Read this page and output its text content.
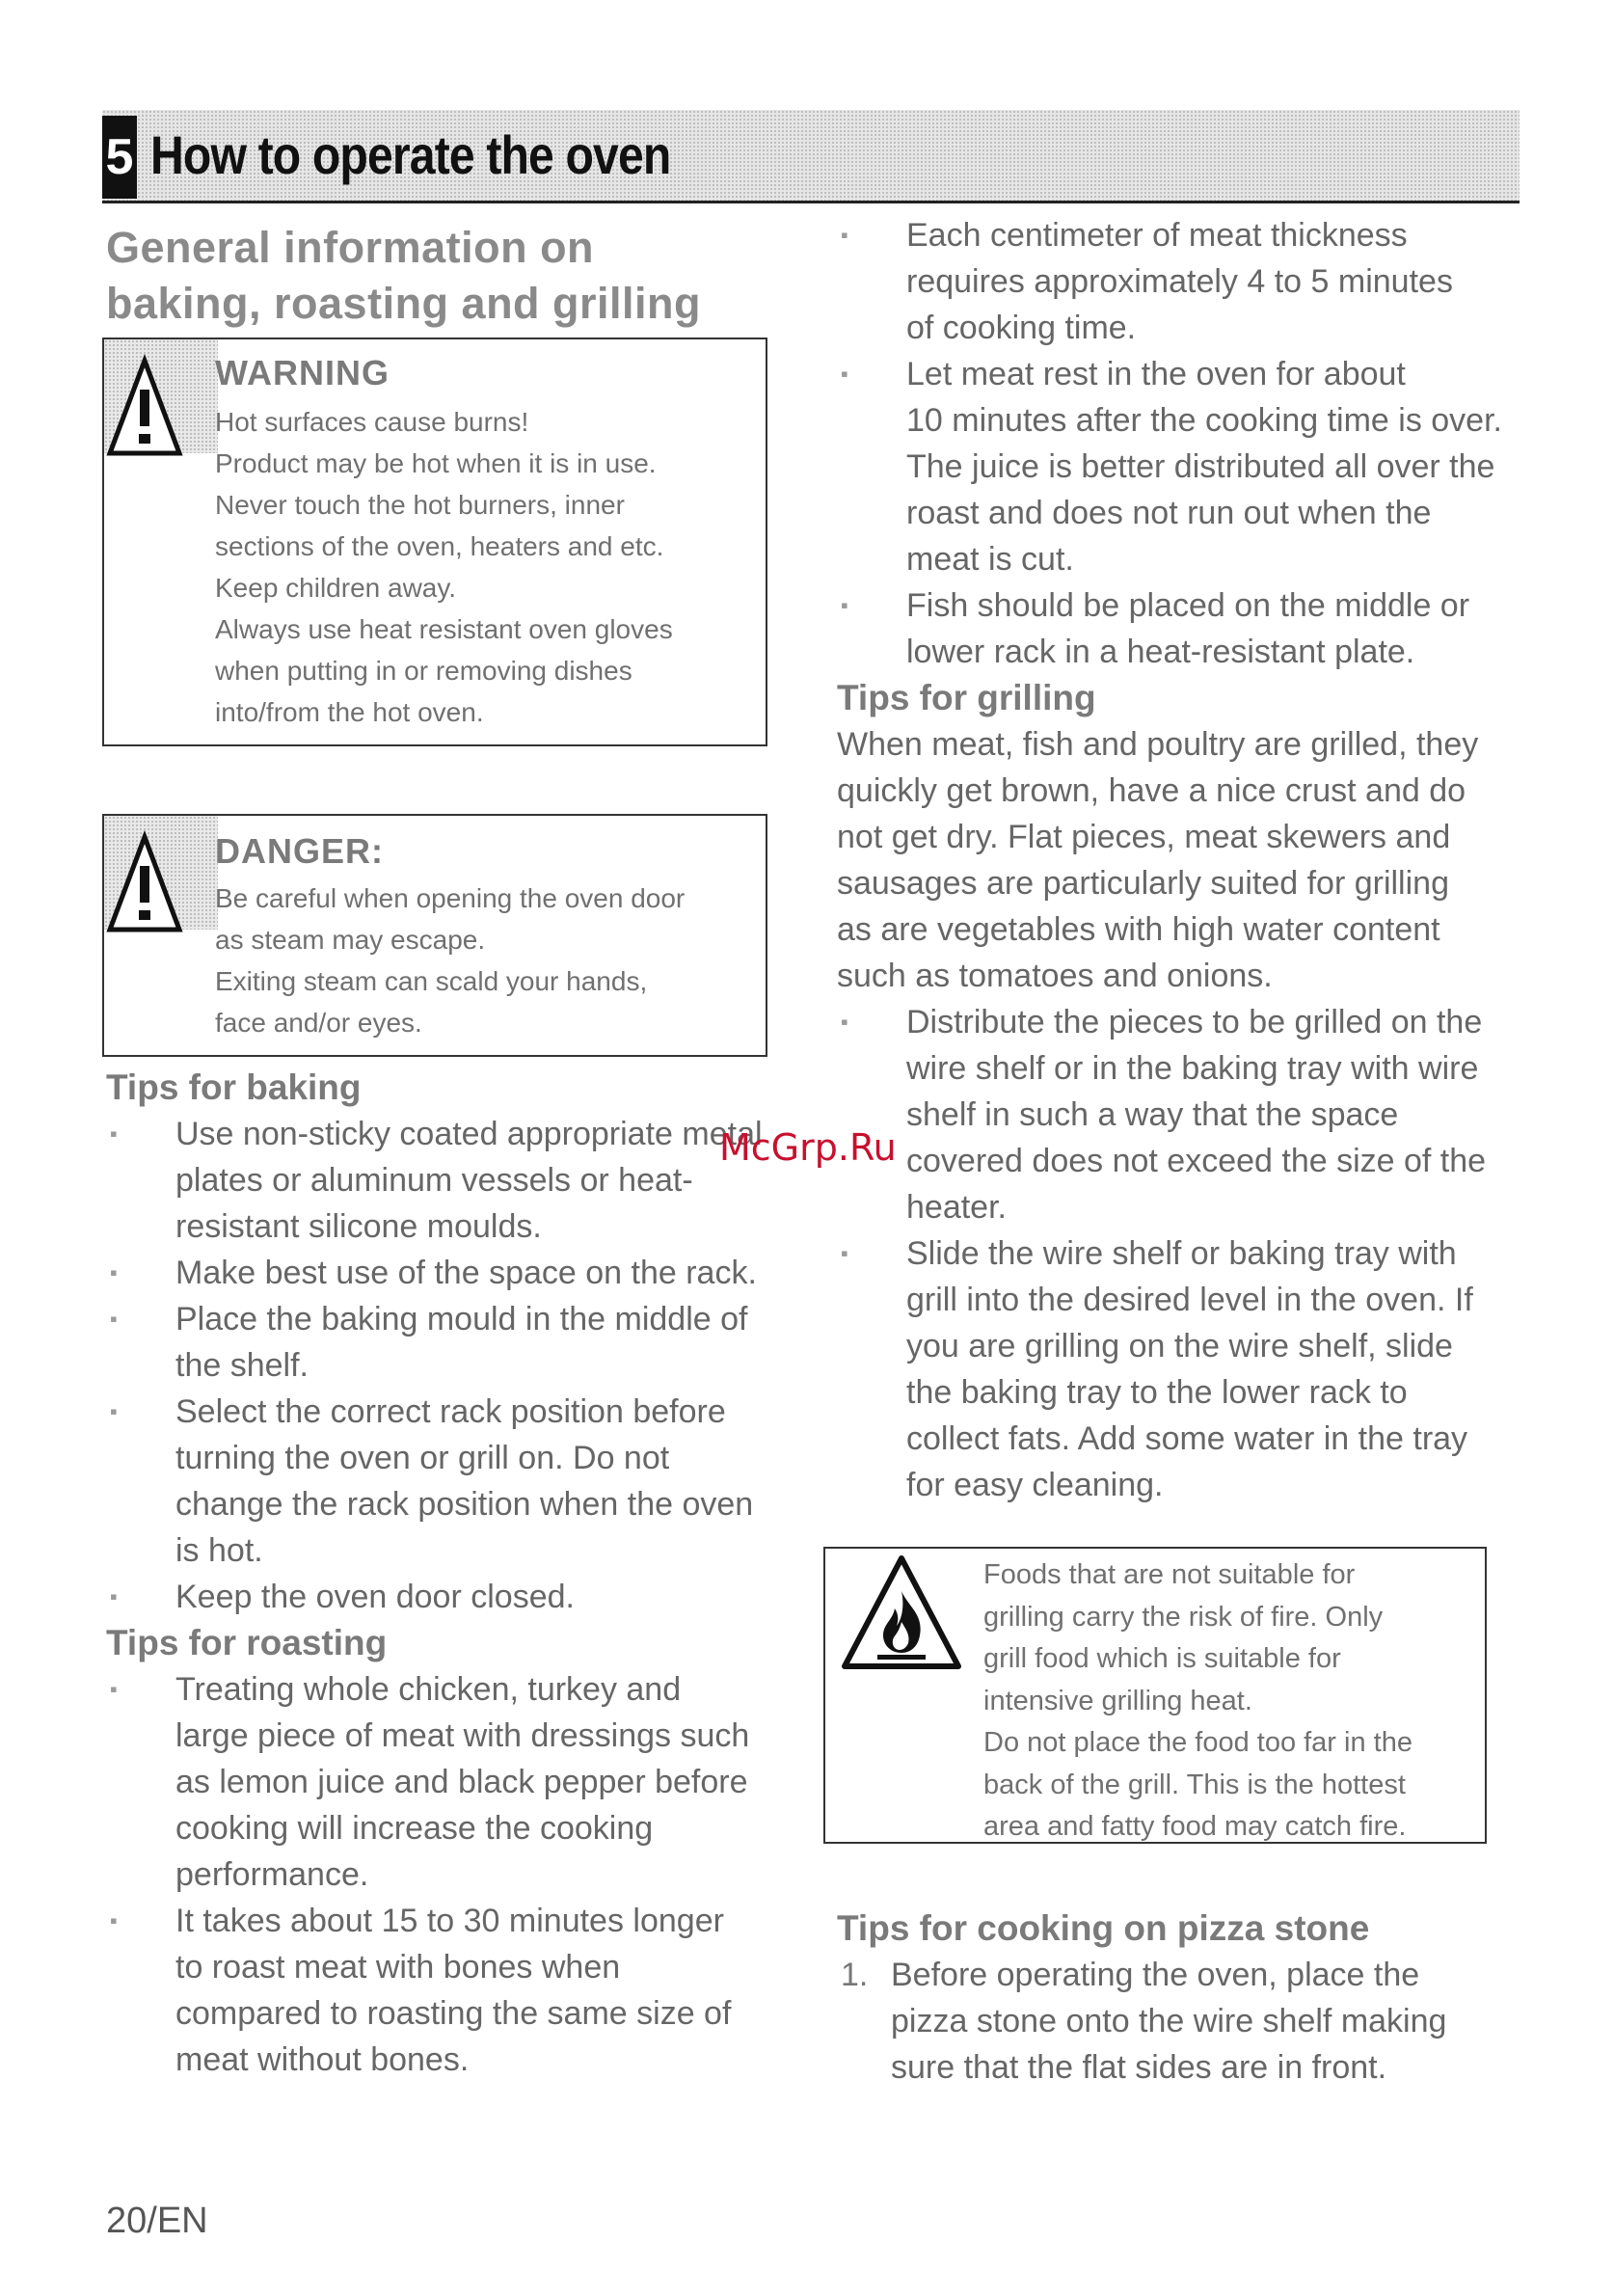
5 How to operate the oven
General information on
baking, roasting and grilling
WARNING
Hot surfaces cause burns!
Product may be hot when it is in use.
Never touch the hot burners, inner
sections of the oven, heaters and etc.
Keep children away.
Always use heat resistant oven gloves
when putting in or removing dishes
into/from the hot oven.
DANGER:
Be careful when opening the oven door
as steam may escape.
Exiting steam can scald your hands,
face and/or eyes.
Tips for baking
▪ Use non-sticky coated appropriate metal
plates or aluminum vessels or heat-
resistant silicone moulds.
▪ Make best use of the space on the rack.
▪ Place the baking mould in the middle of
the shelf.
▪ Select the correct rack position before
turning the oven or grill on. Do not
change the rack position when the oven
is hot.
▪ Keep the oven door closed.
Tips for roasting
▪ Treating whole chicken, turkey and
large piece of meat with dressings such
as lemon juice and black pepper before
cooking will increase the cooking
performance.
▪ It takes about 15 to 30 minutes longer
to roast meat with bones when
compared to roasting the same size of
meat without bones.
▪ Each centimeter of meat thickness
requires approximately 4 to 5 minutes
of cooking time.
▪ Let meat rest in the oven for about
10 minutes after the cooking time is over.
The juice is better distributed all over the
roast and does not run out when the
meat is cut.
▪ Fish should be placed on the middle or
lower rack in a heat-resistant plate.
Tips for grilling
When meat, fish and poultry are grilled, they
quickly get brown, have a nice crust and do
not get dry. Flat pieces, meat skewers and
sausages are particularly suited for grilling
as are vegetables with high water content
such as tomatoes and onions.
▪ Distribute the pieces to be grilled on the
wire shelf or in the baking tray with wire
shelf in such a way that the space
covered does not exceed the size of the
heater.
▪ Slide the wire shelf or baking tray with
grill into the desired level in the oven. If
you are grilling on the wire shelf, slide
the baking tray to the lower rack to
collect fats. Add some water in the tray
for easy cleaning.
Foods that are not suitable for
grilling carry the risk of fire. Only
grill food which is suitable for
intensive grilling heat.
Do not place the food too far in the
back of the grill. This is the hottest
area and fatty food may catch fire.
Tips for cooking on pizza stone
1. Before operating the oven, place the
pizza stone onto the wire shelf making
sure that the flat sides are in front.
McGrp.Ru
20/EN
